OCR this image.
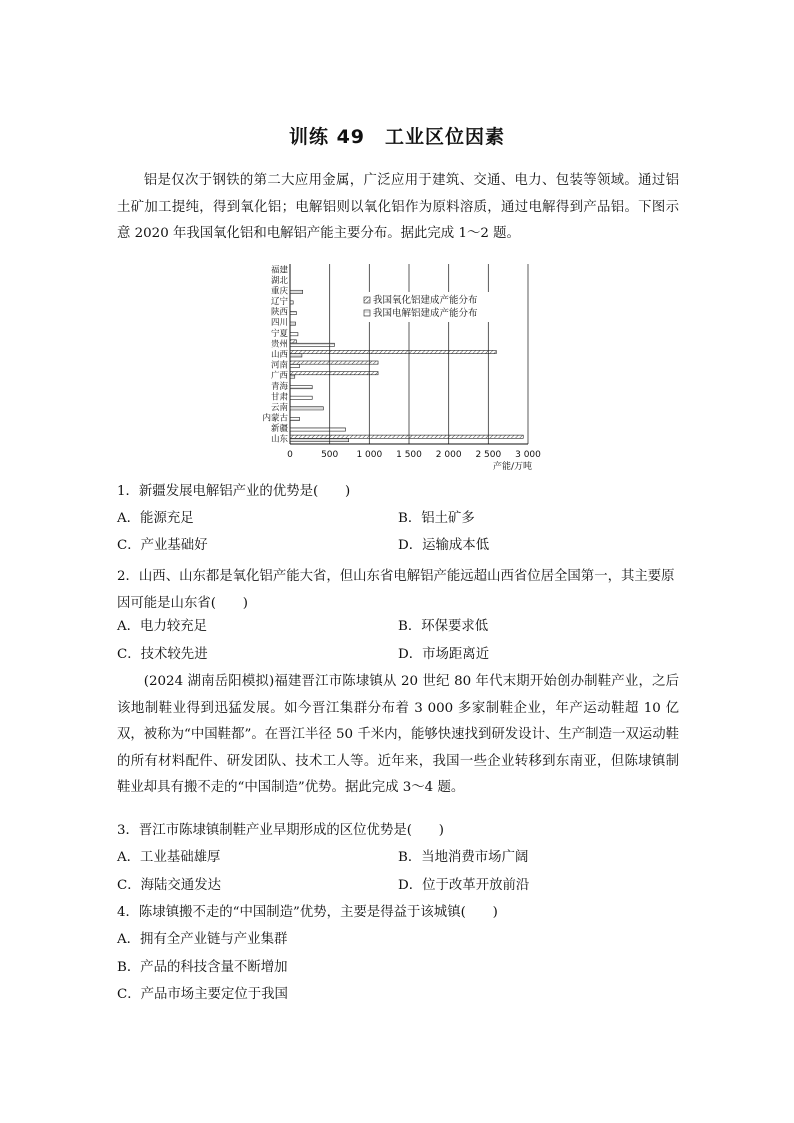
训练 49　工业区位因素
铝是仅次于钢铁的第二大应用金属，广泛应用于建筑、交通、电力、包装等领域。通过铝土矿加工提纯，得到氧化铝；电解铝则以氧化铝作为原料溶质，通过电解得到产品铝。下图示意 2020 年我国氧化铝和电解铝产能主要分布。据此完成 1～2 题。
0	500 1 000 1 500 2 000 2 500 3 000
产能/万吨
福建
湖北
重庆
辽宁
陕西
四川
宁夏
贵州
山西
河南
广西
青海
甘肃
云南
内蒙古
新疆
山东
我国氧化铝建成产能分布
我国电解铝建成产能分布
1．新疆发展电解铝产业的优势是(　　)
A．能源充足	B．铝土矿多
C．产业基础好	D．运输成本低
2．山西、山东都是氧化铝产能大省，但山东省电解铝产能远超山西省位居全国第一，其主要原因可能是山东省(　　)
A．电力较充足	B．环保要求低
C．技术较先进	D．市场距离近
(2024 湖南岳阳模拟)福建晋江市陈埭镇从 20 世纪 80 年代末期开始创办制鞋产业，之后该地制鞋业得到迅猛发展。如今晋江集群分布着 3 000 多家制鞋企业，年产运动鞋超 10 亿双，被称为“中国鞋都”。在晋江半径 50 千米内，能够快速找到研发设计、生产制造一双运动鞋的所有材料配件、研发团队、技术工人等。近年来，我国一些企业转移到东南亚，但陈埭镇制鞋业却具有搬不走的“中国制造”优势。据此完成 3～4 题。
3．晋江市陈埭镇制鞋产业早期形成的区位优势是(　　)
A．工业基础雄厚	B．当地消费市场广阔
C．海陆交通发达	D．位于改革开放前沿
4．陈埭镇搬不走的“中国制造”优势，主要是得益于该城镇(　　)
A．拥有全产业链与产业集群
B．产品的科技含量不断增加
C．产品市场主要定位于我国
